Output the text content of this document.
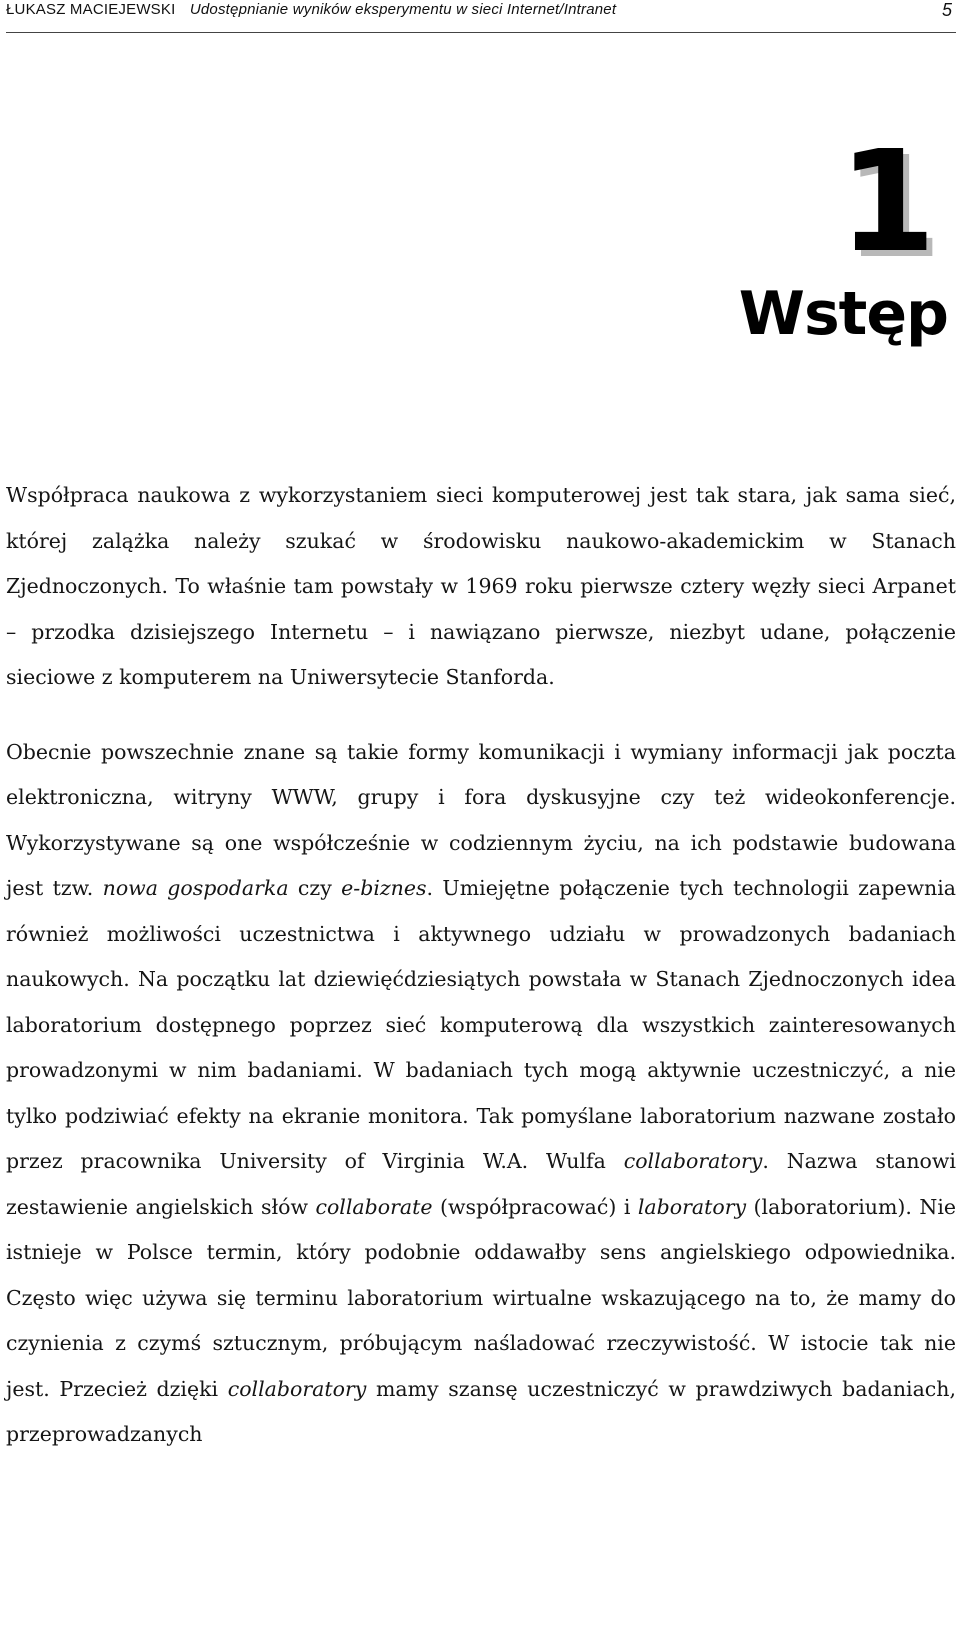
ŁUKASZ MACIEJEWSKI Udostępnianie wyników eksperymentu w sieci Internet/Intranet	5
1
Wstęp

Współpraca naukowa z wykorzystaniem sieci komputerowej jest tak stara, jak sama sieć, której zalążka należy szukać w środowisku naukowo-akademickim w Stanach Zjednoczonych. To właśnie tam powstały w 1969 roku pierwsze cztery węzły sieci Arpanet – przodka dzisiejszego Internetu – i nawiązano pierwsze, niezbyt udane, połączenie sieciowe z komputerem na Uniwersytecie Stanforda.

Obecnie powszechnie znane są takie formy komunikacji i wymiany informacji jak poczta elektroniczna, witryny WWW, grupy i fora dyskusyjne czy też wideokonferencje. Wykorzystywane są one współcześnie w codziennym życiu, na ich podstawie budowana jest tzw. nowa gospodarka czy e-biznes. Umiejętne połączenie tych technologii zapewnia również możliwości uczestnictwa i aktywnego udziału w prowadzonych badaniach naukowych. Na początku lat dziewięćdziesiątych powstała w Stanach Zjednoczonych idea laboratorium dostępnego poprzez sieć komputerową dla wszystkich zainteresowanych prowadzonymi w nim badaniami. W badaniach tych mogą aktywnie uczestniczyć, a nie tylko podziwiać efekty na ekranie monitora. Tak pomyślane laboratorium nazwane zostało przez pracownika University of Virginia W.A. Wulfa collaboratory. Nazwa stanowi zestawienie angielskich słów collaborate (współpracować) i laboratory (laboratorium). Nie istnieje w Polsce termin, który podobnie oddawałby sens angielskiego odpowiednika. Często więc używa się terminu laboratorium wirtualne wskazującego na to, że mamy do czynienia z czymś sztucznym, próbującym naśladować rzeczywistość. W istocie tak nie jest. Przecież dzięki collaboratory mamy szansę uczestniczyć w prawdziwych badaniach, przeprowadzanych
